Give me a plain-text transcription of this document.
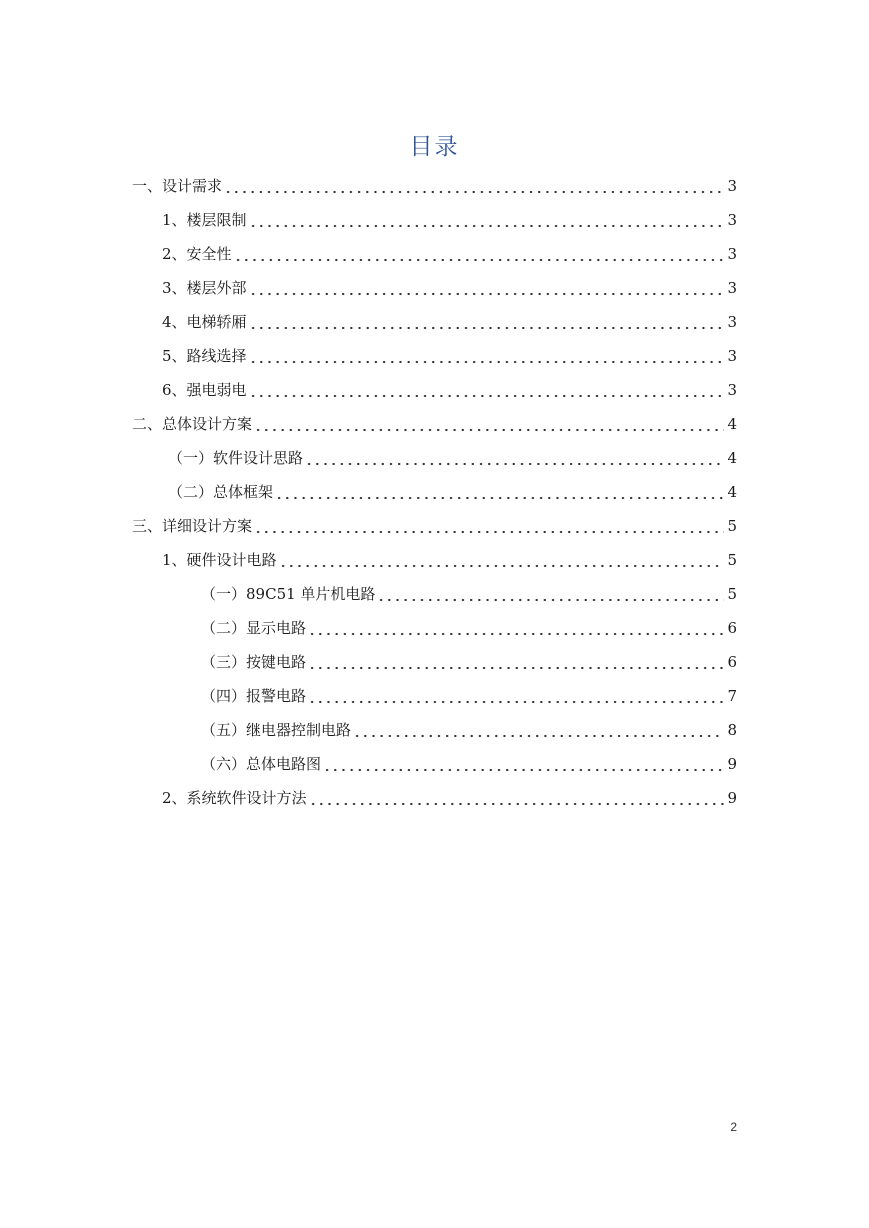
目录
一、设计需求	3
1、楼层限制	3
2、安全性	3
3、楼层外部	3
4、电梯轿厢	3
5、路线选择	3
6、强电弱电	3
二、总体设计方案	4
（一）软件设计思路	4
（二）总体框架	4
三、详细设计方案	5
1、硬件设计电路	5
（一）89C51 单片机电路	5
（二）显示电路	6
（三）按键电路	6
（四）报警电路	7
（五）继电器控制电路	8
（六）总体电路图	9
2、系统软件设计方法	9
2
